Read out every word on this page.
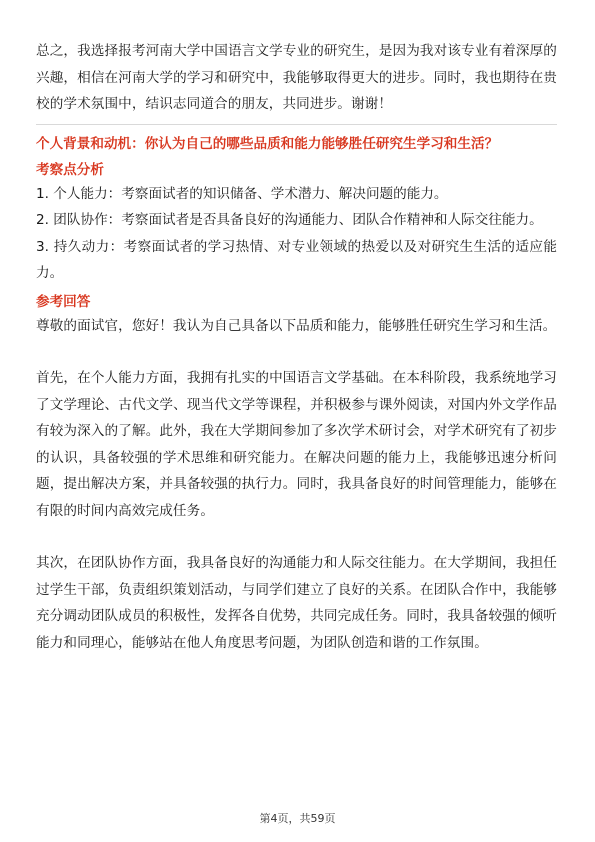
总之，我选择报考河南大学中国语言文学专业的研究生，是因为我对该专业有着深厚的兴趣，相信在河南大学的学习和研究中，我能够取得更大的进步。同时，我也期待在贵校的学术氛围中，结识志同道合的朋友，共同进步。谢谢！

个人背景和动机：你认为自己的哪些品质和能力能够胜任研究生学习和生活？

考察点分析

1. 个人能力：考察面试者的知识储备、学术潜力、解决问题的能力。

2. 团队协作：考察面试者是否具备良好的沟通能力、团队合作精神和人际交往能力。

3. 持久动力：考察面试者的学习热情、对专业领域的热爱以及对研究生生活的适应能力。

参考回答

尊敬的面试官，您好！我认为自己具备以下品质和能力，能够胜任研究生学习和生活。

首先，在个人能力方面，我拥有扎实的中国语言文学基础。在本科阶段，我系统地学习了文学理论、古代文学、现当代文学等课程，并积极参与课外阅读，对国内外文学作品有较为深入的了解。此外，我在大学期间参加了多次学术研讨会，对学术研究有了初步的认识，具备较强的学术思维和研究能力。在解决问题的能力上，我能够迅速分析问题，提出解决方案，并具备较强的执行力。同时，我具备良好的时间管理能力，能够在有限的时间内高效完成任务。

其次，在团队协作方面，我具备良好的沟通能力和人际交往能力。在大学期间，我担任过学生干部，负责组织策划活动，与同学们建立了良好的关系。在团队合作中，我能够充分调动团队成员的积极性，发挥各自优势，共同完成任务。同时，我具备较强的倾听能力和同理心，能够站在他人角度思考问题，为团队创造和谐的工作氛围。

第4页，共59页
